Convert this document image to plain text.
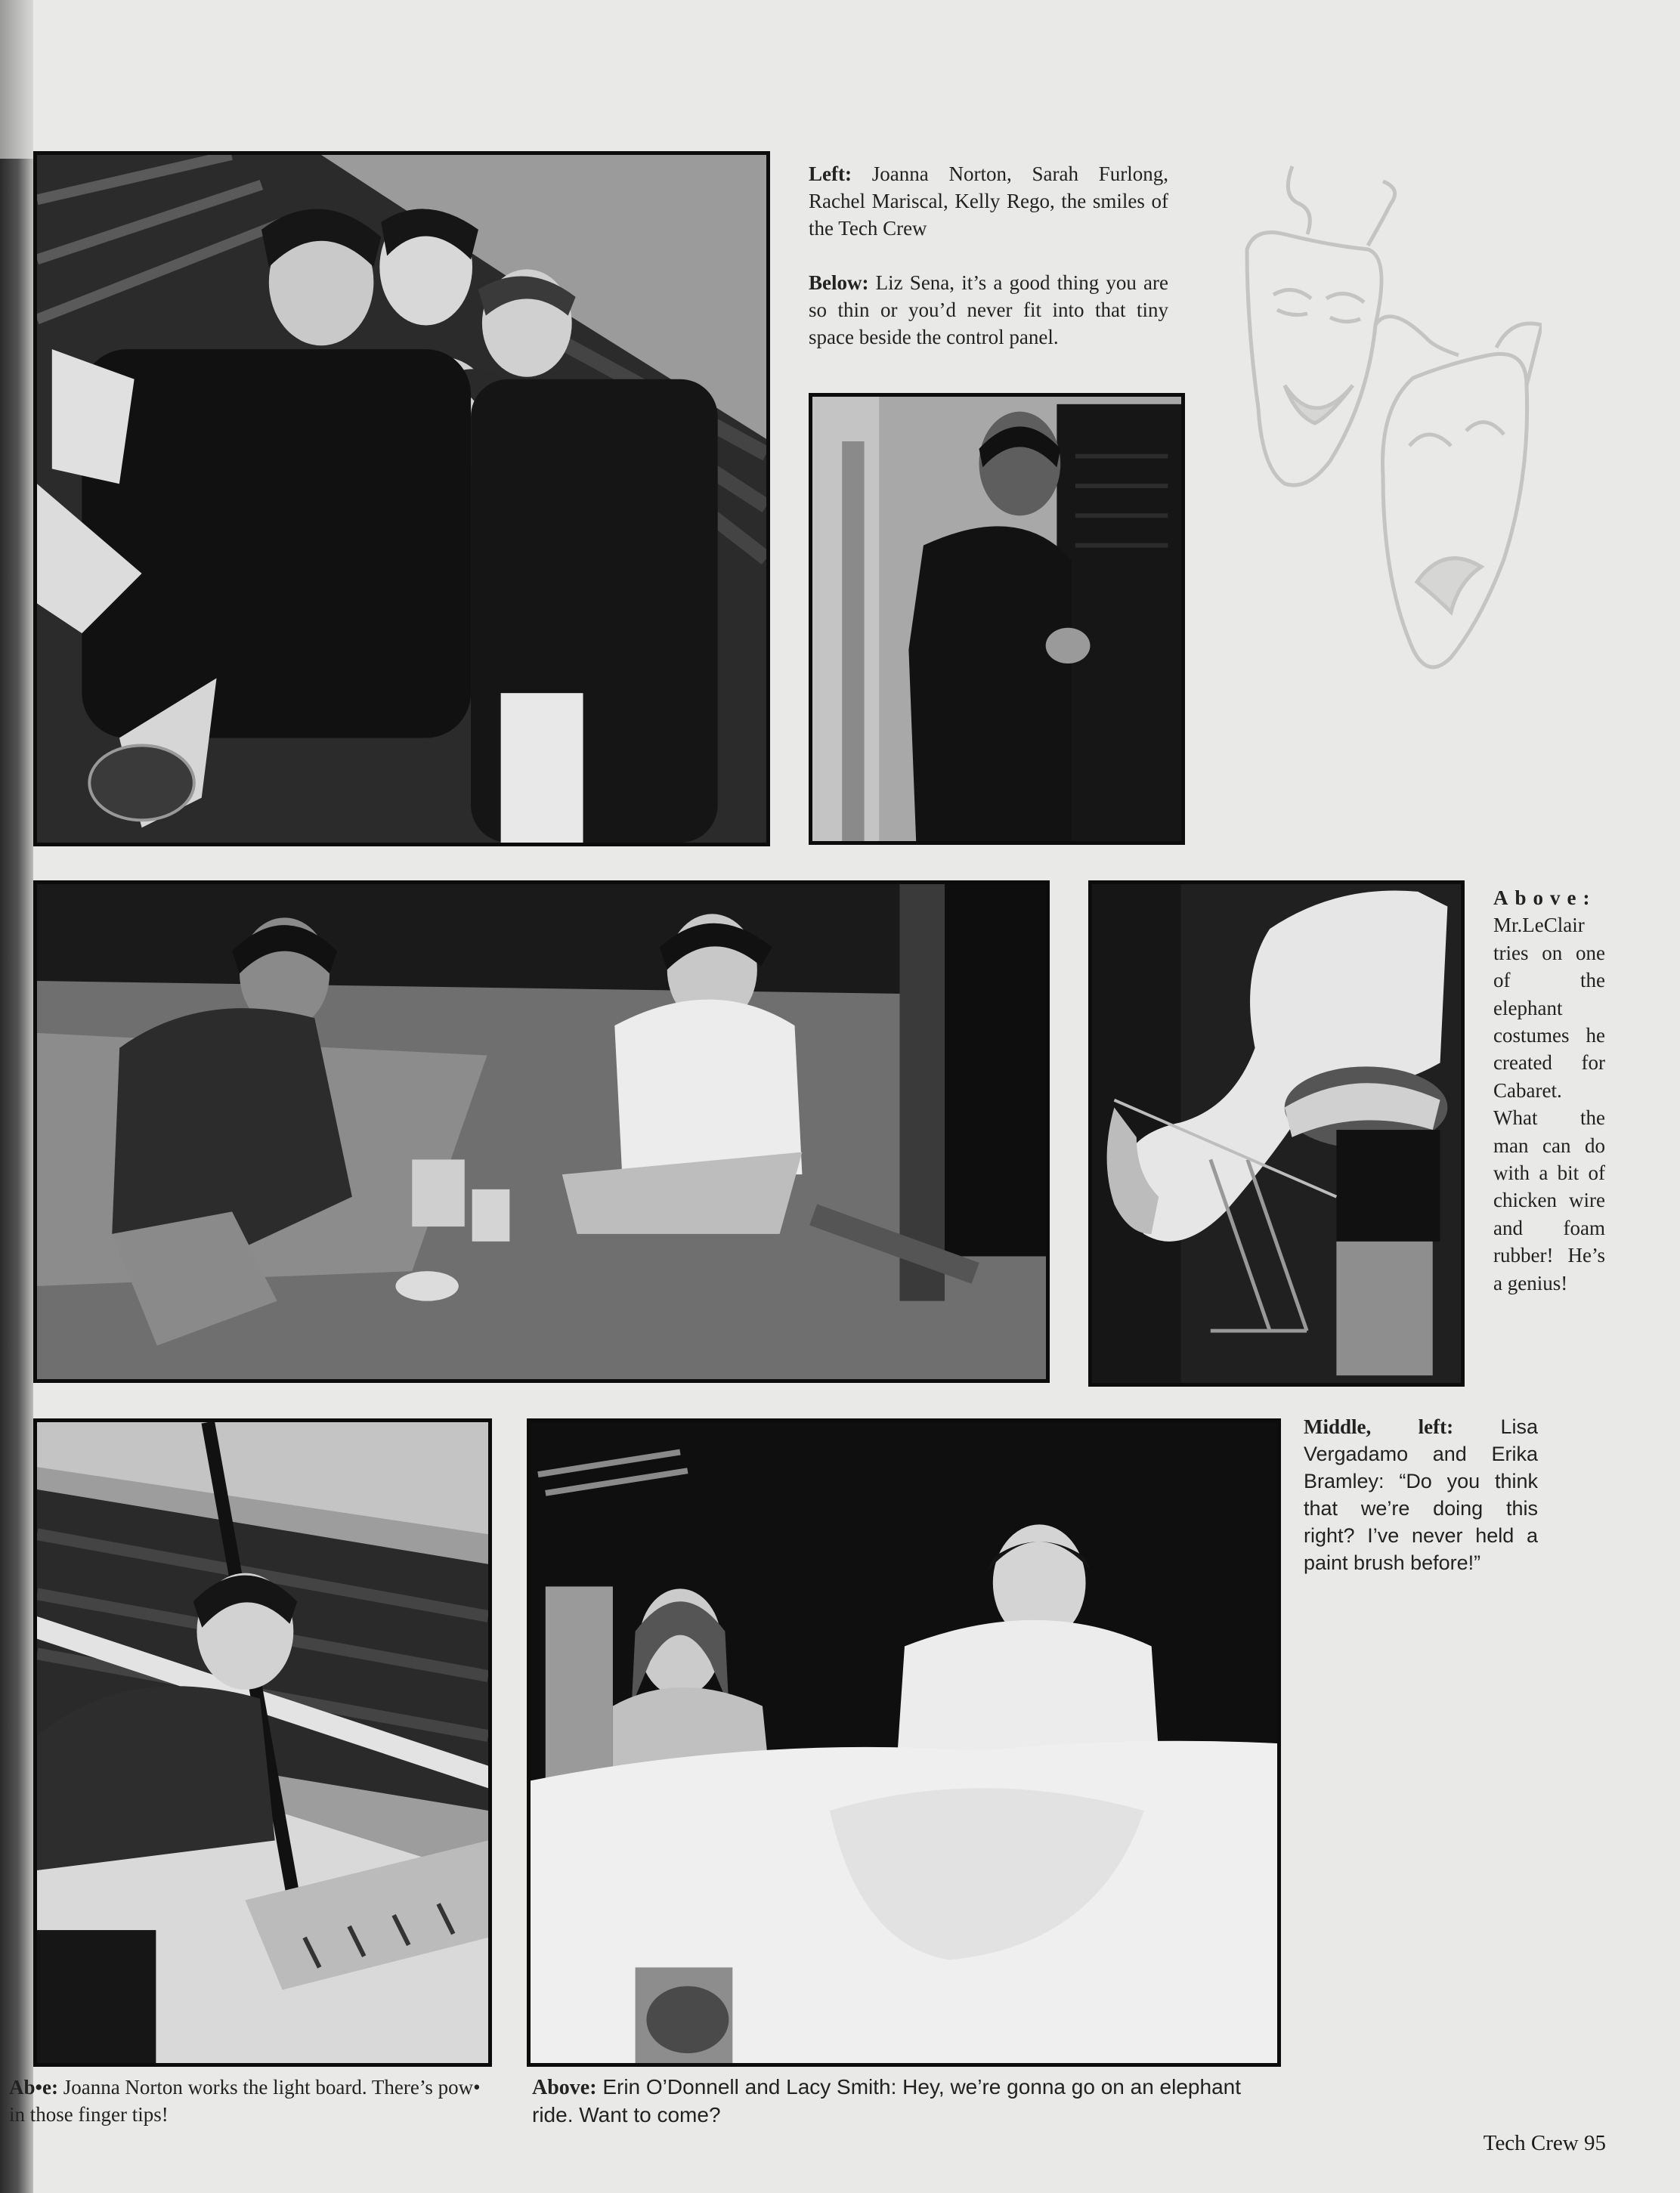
Left: Joanna Norton, Sarah Furlong, Rachel Mariscal, Kelly Rego, the smiles of the Tech Crew
Below: Liz Sena, it’s a good thing you are so thin or you’d never fit into that tiny space beside the control panel.
Above: Mr.LeClair tries on one of the elephant costumes he created for Cabaret. What the man can do with a bit of chicken wire and foam rubber! He’s a genius!
Middle, left: Lisa Vergadamo and Erika Bramley: “Do you think that we’re doing this right? I’ve never held a paint brush before!”
Ab•e: Joanna Norton works the light board. There’s pow• in those finger tips!
Above: Erin O’Donnell and Lacy Smith: Hey, we’re gonna go on an elephant ride. Want to come?
Tech Crew 95
